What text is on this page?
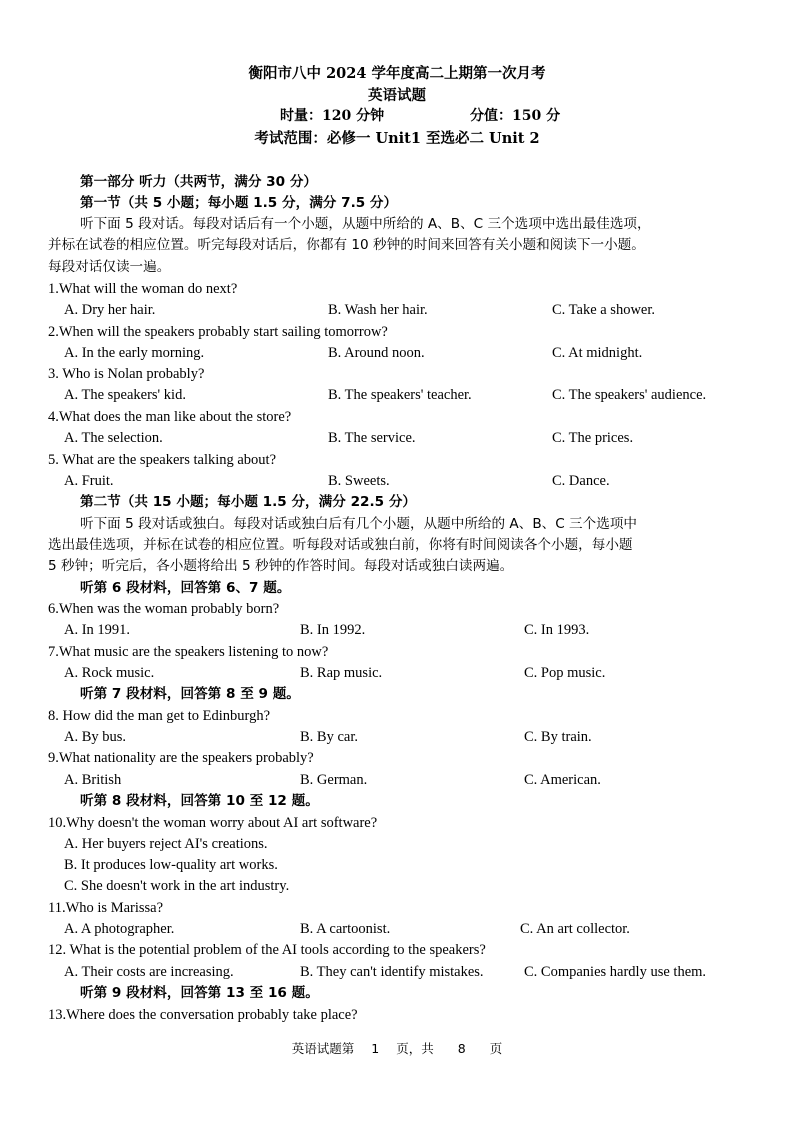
衡阳市八中 2024 学年度高二上期第一次月考
英语试题
时量：120 分钟	分值：150 分
考试范围：必修一 Unit1 至选必二 Unit 2
第一部分 听力（共两节，满分 30 分）
第一节（共 5 小题；每小题 1.5 分，满分 7.5 分）
听下面 5 段对话。每段对话后有一个小题，从题中所给的 A、B、C 三个选项中选出最佳选项，
并标在试卷的相应位置。听完每段对话后，你都有 10 秒钟的时间来回答有关小题和阅读下一小题。
每段对话仅读一遍。
1.What will the woman do next?
A. Dry her hair.	B. Wash her hair.	C. Take a shower.
2.When will the speakers probably start sailing tomorrow?
A. In the early morning.	B. Around noon.	C. At midnight.
3. Who is Nolan probably?
A. The speakers' kid.	B. The speakers' teacher.	C. The speakers' audience.
4.What does the man like about the store?
A. The selection.	B. The service.	C. The prices.
5. What are the speakers talking about?
A. Fruit.	B. Sweets.	C. Dance.
第二节（共 15 小题；每小题 1.5 分，满分 22.5 分）
听下面 5 段对话或独白。每段对话或独白后有几个小题，从题中所给的 A、B、C 三个选项中
选出最佳选项，并标在试卷的相应位置。听每段对话或独白前，你将有时间阅读各个小题，每小题
5 秒钟；听完后，各小题将给出 5 秒钟的作答时间。每段对话或独白读两遍。
听第 6 段材料，回答第 6、7 题。
6.When was the woman probably born?
A. In 1991.	B. In 1992.	C. In 1993.
7.What music are the speakers listening to now?
A. Rock music.	B. Rap music.	C. Pop music.
听第 7 段材料，回答第 8 至 9 题。
8. How did the man get to Edinburgh?
A. By bus.	B. By car.	C. By train.
9.What nationality are the speakers probably?
A. British	B. German.	C. American.
听第 8 段材料，回答第 10 至 12 题。
10.Why doesn't the woman worry about AI art software?
A. Her buyers reject AI's creations.
B. It produces low-quality art works.
C. She doesn't work in the art industry.
11.Who is Marissa?
A. A photographer.	B. A cartoonist.	C. An art collector.
12. What is the potential problem of the AI tools according to the speakers?
A. Their costs are increasing.	B. They can't identify mistakes.	C. Companies hardly use them.
听第 9 段材料，回答第 13 至 16 题。
13.Where does the conversation probably take place?
英语试题第 1 页，共 8 页
